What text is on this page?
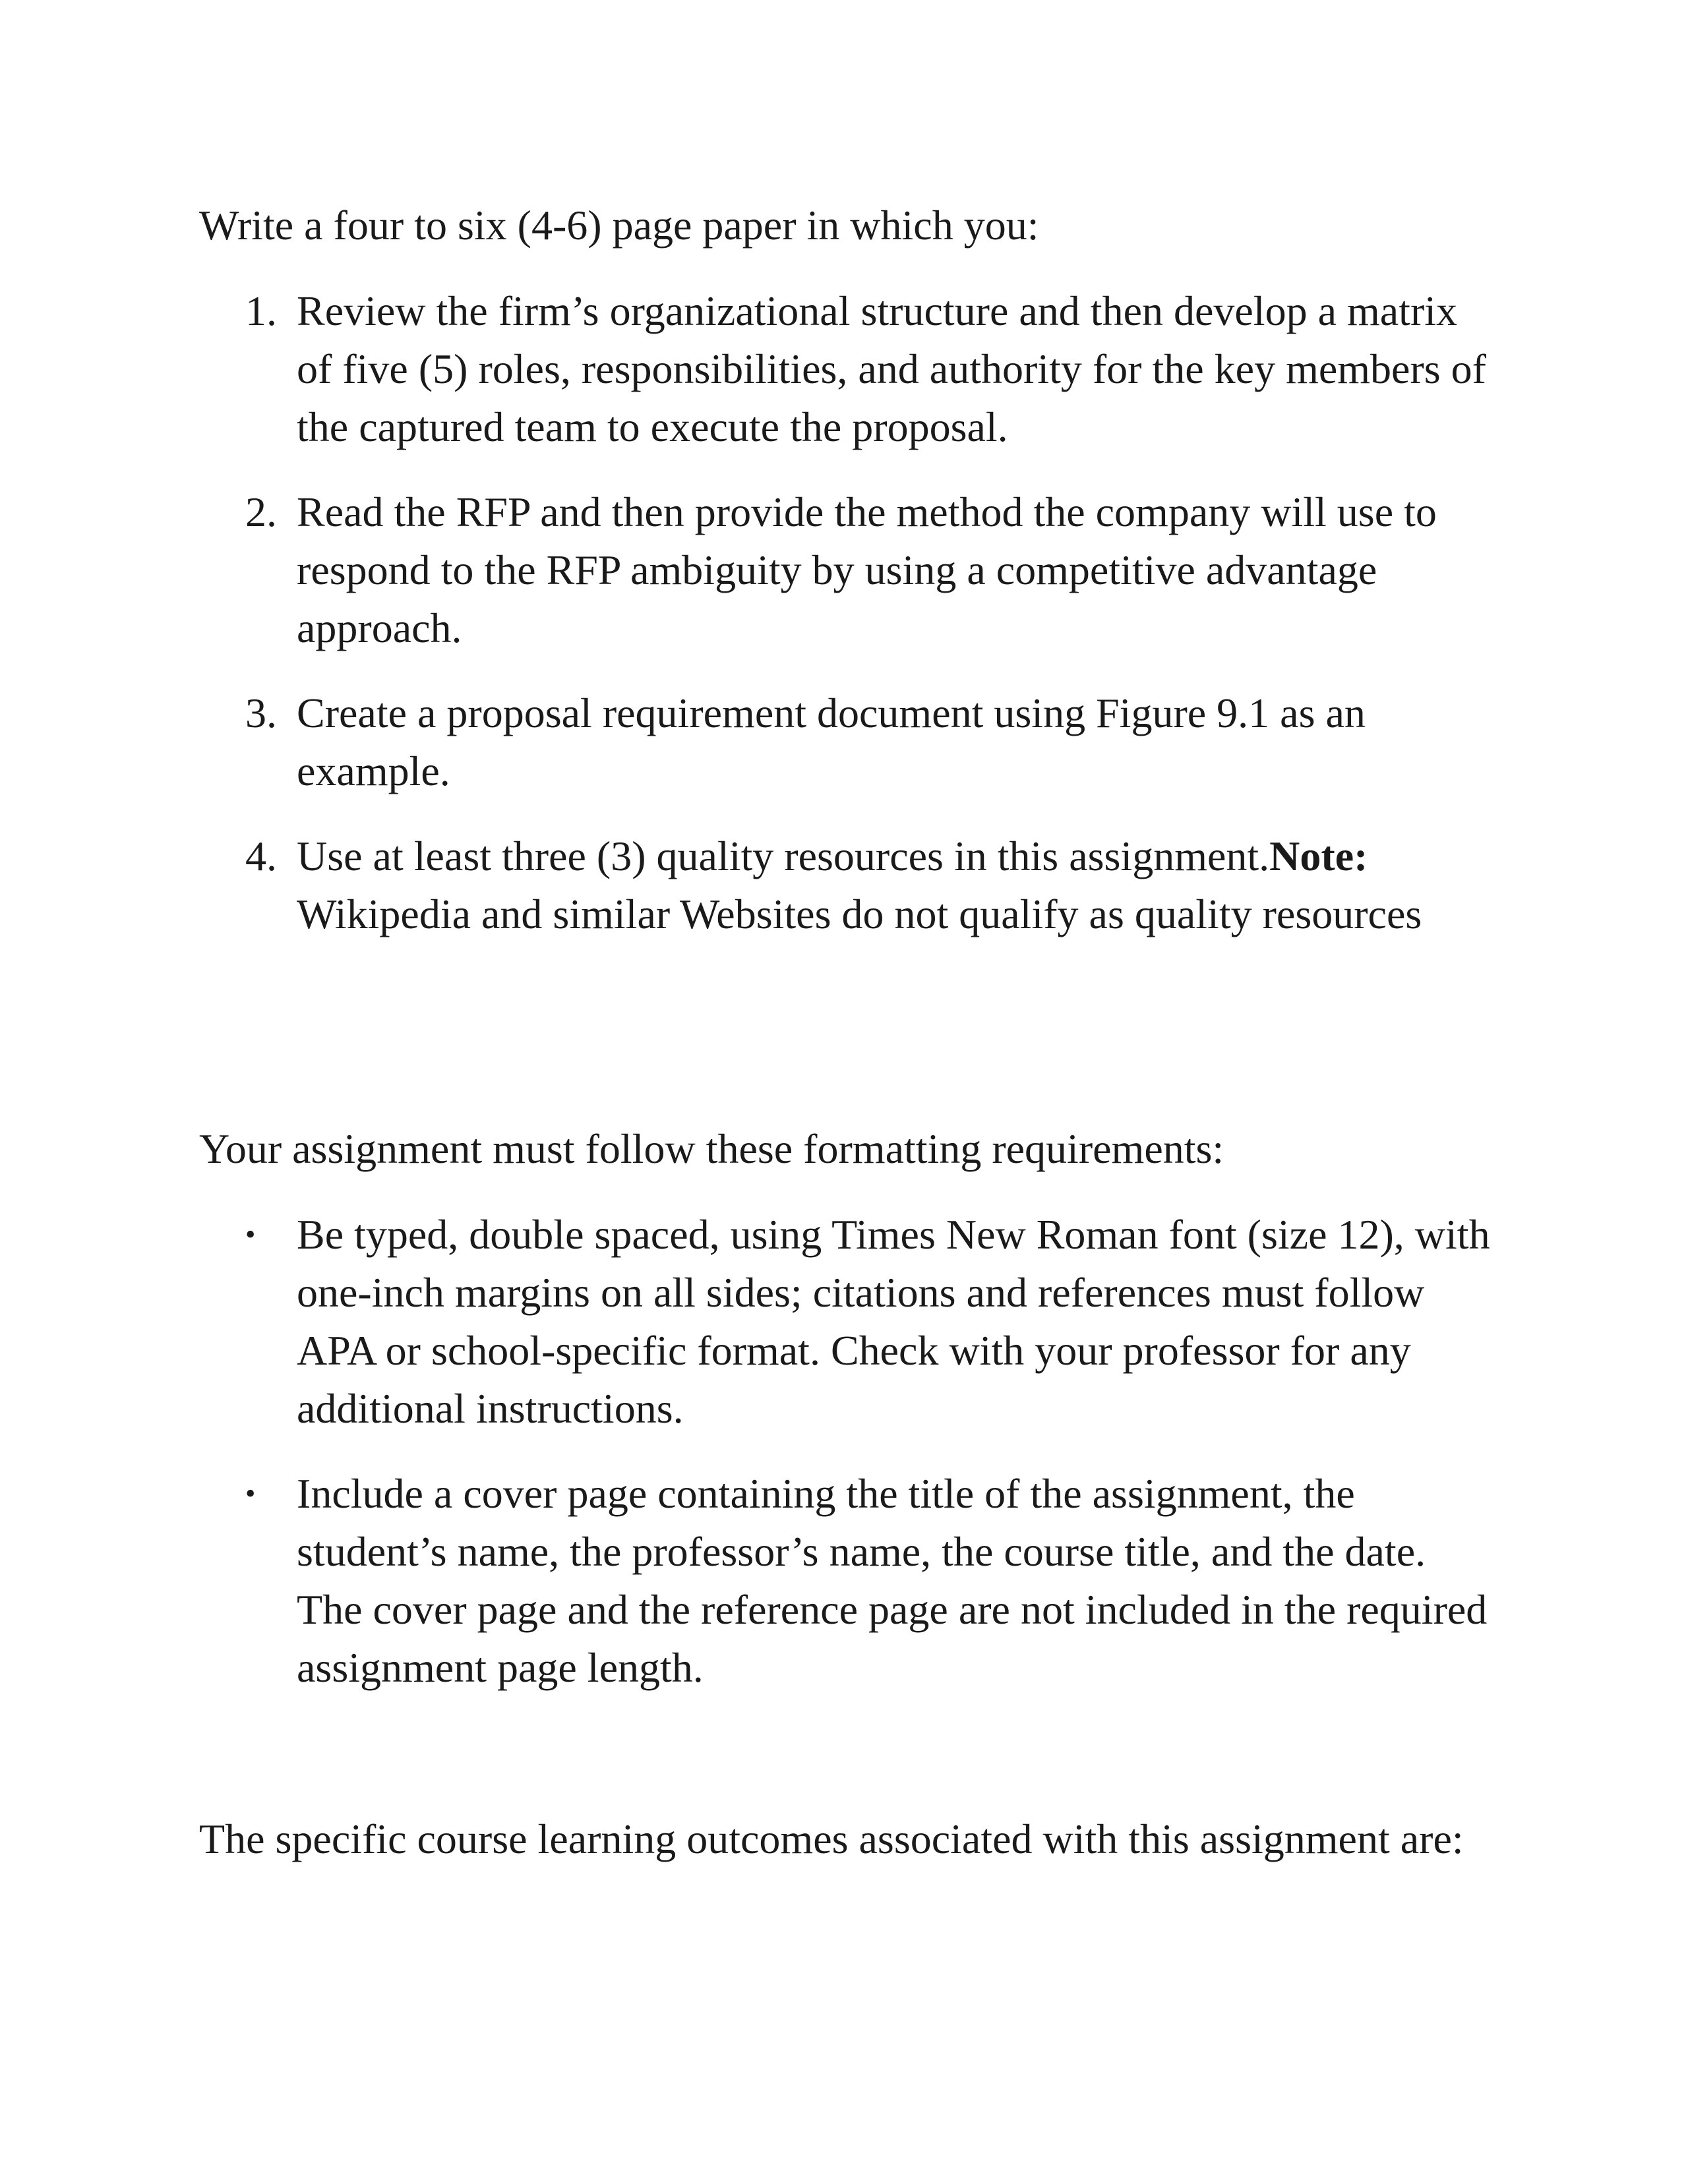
Write a four to six (4-6) page paper in which you:

1. Review the firm’s organizational structure and then develop a matrix of five (5) roles, responsibilities, and authority for the key members of the captured team to execute the proposal.
2. Read the RFP and then provide the method the company will use to respond to the RFP ambiguity by using a competitive advantage approach.
3. Create a proposal requirement document using Figure 9.1 as an example.
4. Use at least three (3) quality resources in this assignment.Note: Wikipedia and similar Websites do not qualify as quality resources

Your assignment must follow these formatting requirements:

• Be typed, double spaced, using Times New Roman font (size 12), with one-inch margins on all sides; citations and references must follow APA or school-specific format. Check with your professor for any additional instructions.
• Include a cover page containing the title of the assignment, the student’s name, the professor’s name, the course title, and the date. The cover page and the reference page are not included in the required assignment page length.

The specific course learning outcomes associated with this assignment are:
